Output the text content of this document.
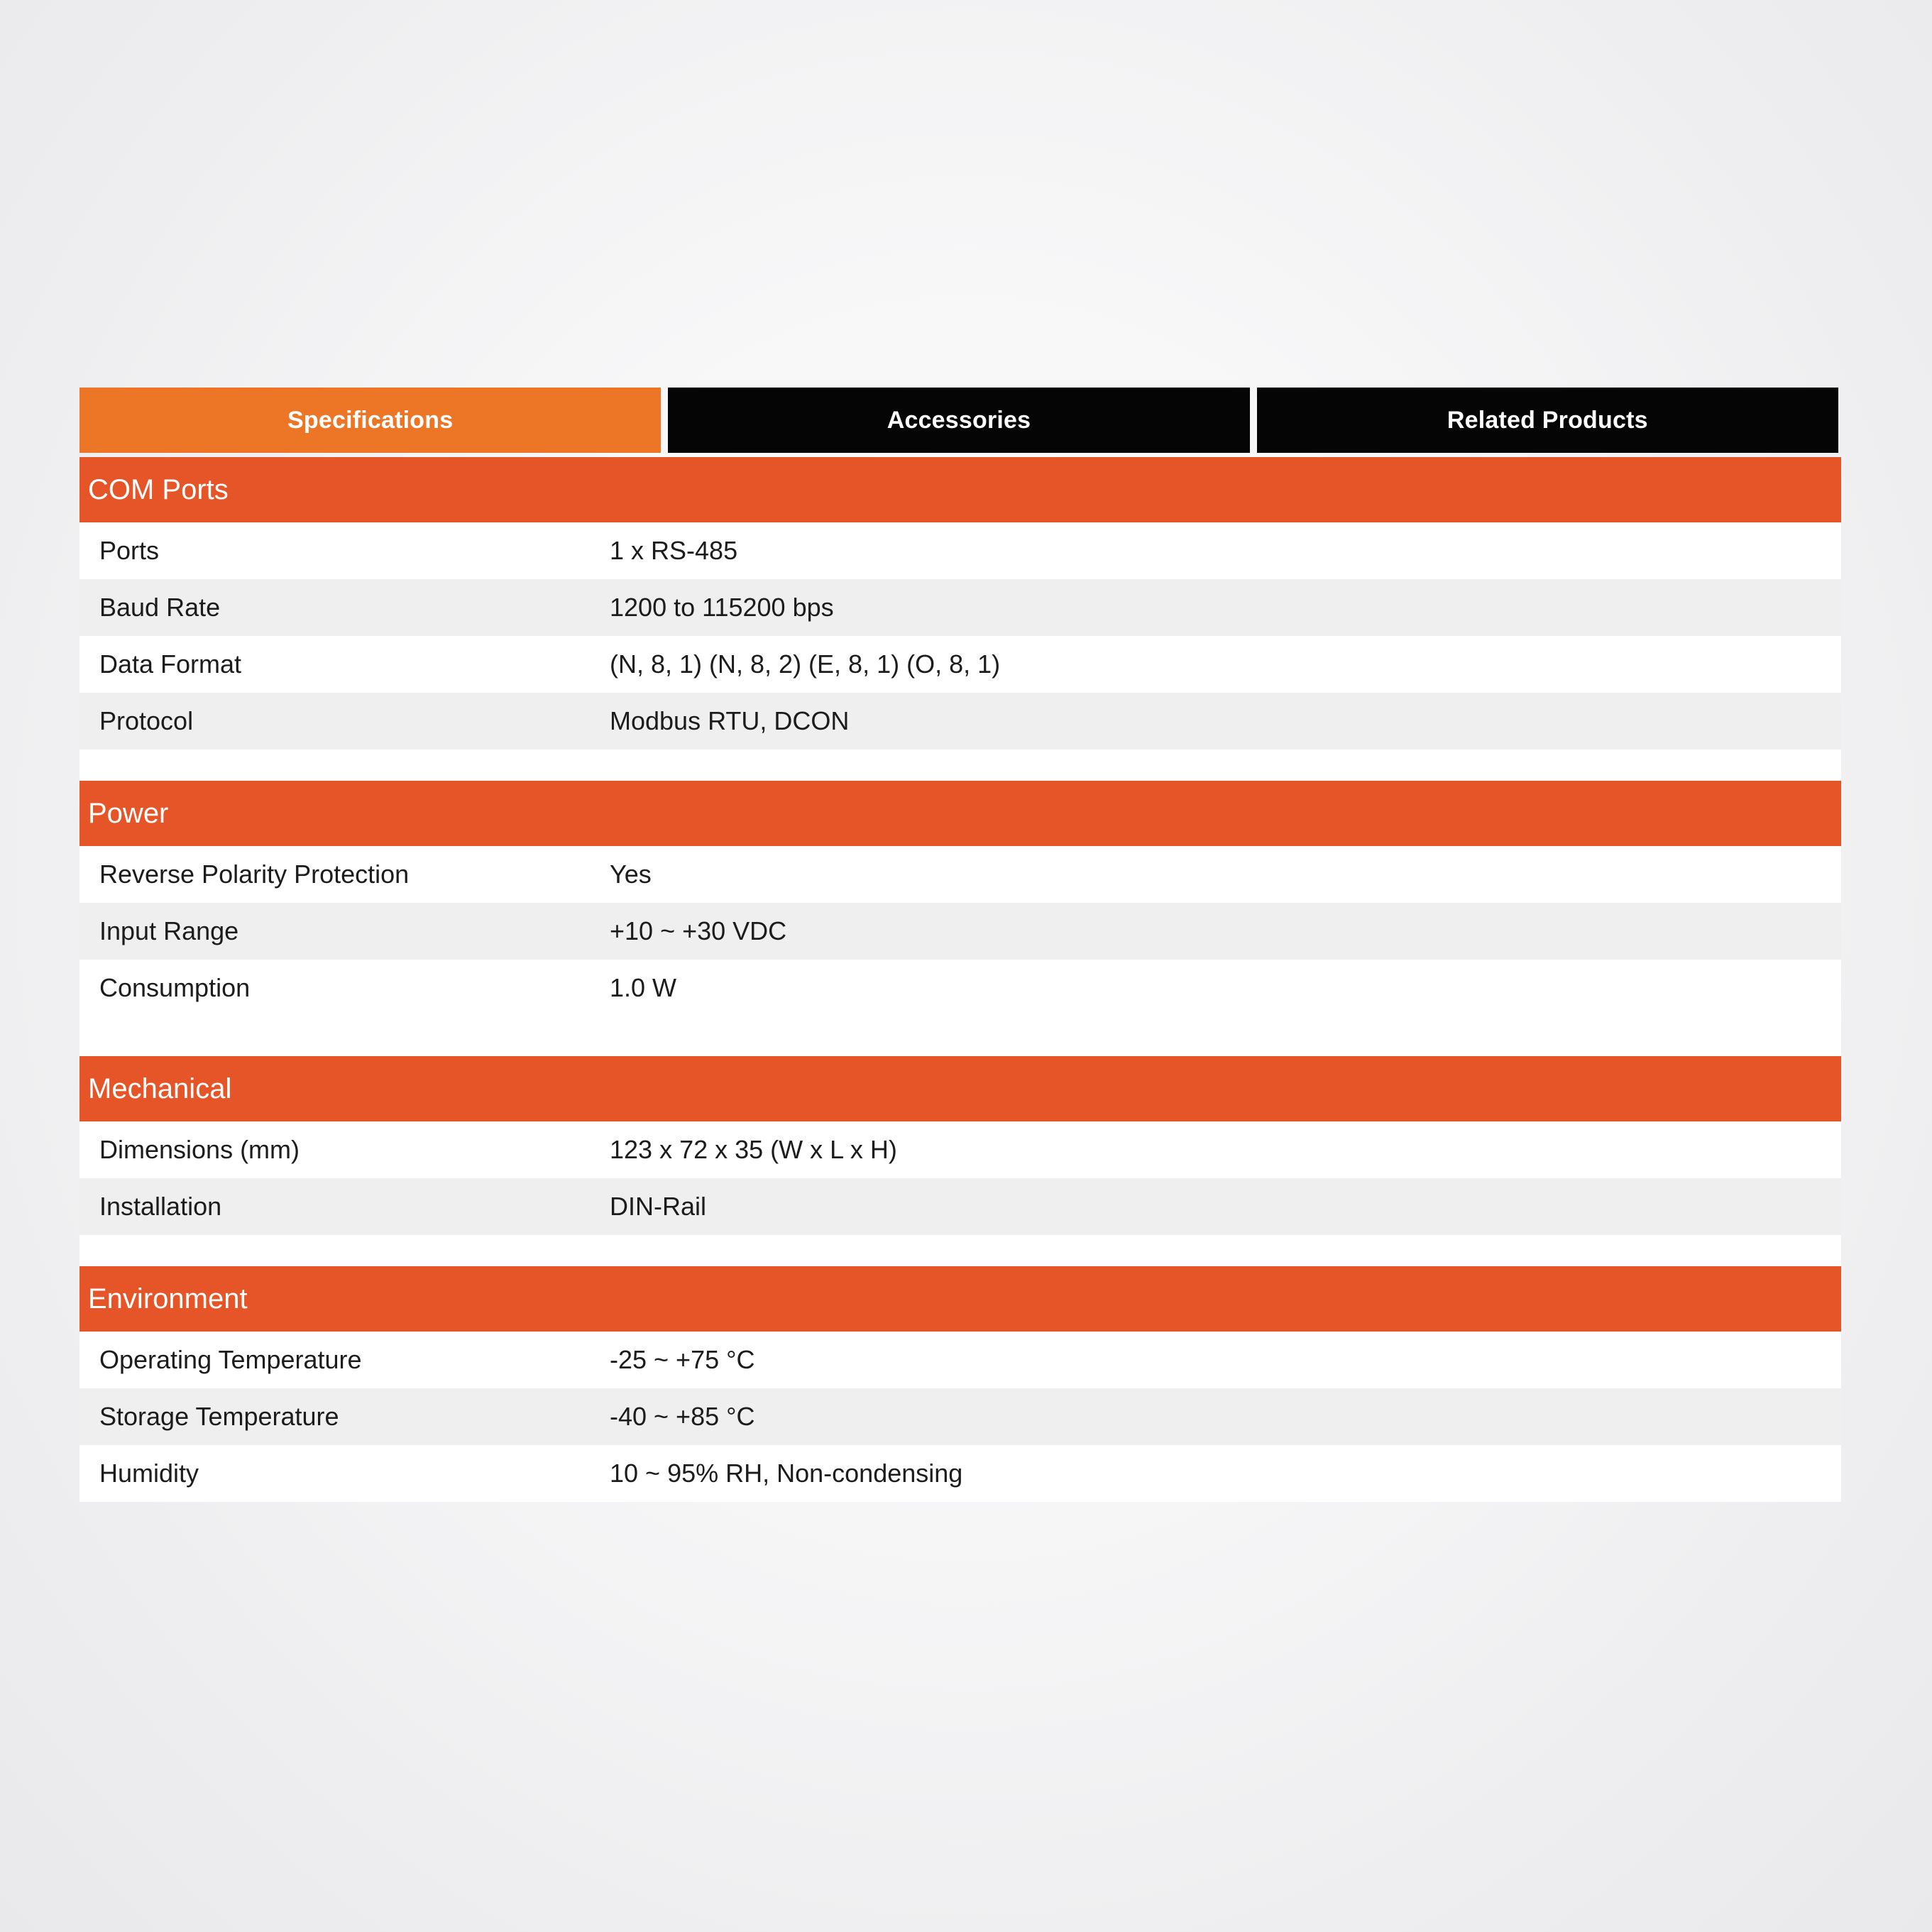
Specifications	Accessories	Related Products
COM Ports
Ports	1 x RS-485
Baud Rate	1200 to 115200 bps
Data Format	(N, 8, 1) (N, 8, 2) (E, 8, 1) (O, 8, 1)
Protocol	Modbus RTU, DCON
Power
Reverse Polarity Protection	Yes
Input Range	+10 ~ +30 VDC
Consumption	1.0 W
Mechanical
Dimensions (mm)	123 x 72 x 35 (W x L x H)
Installation	DIN-Rail
Environment
Operating Temperature	-25 ~ +75 °C
Storage Temperature	-40 ~ +85 °C
Humidity	10 ~ 95% RH, Non-condensing
